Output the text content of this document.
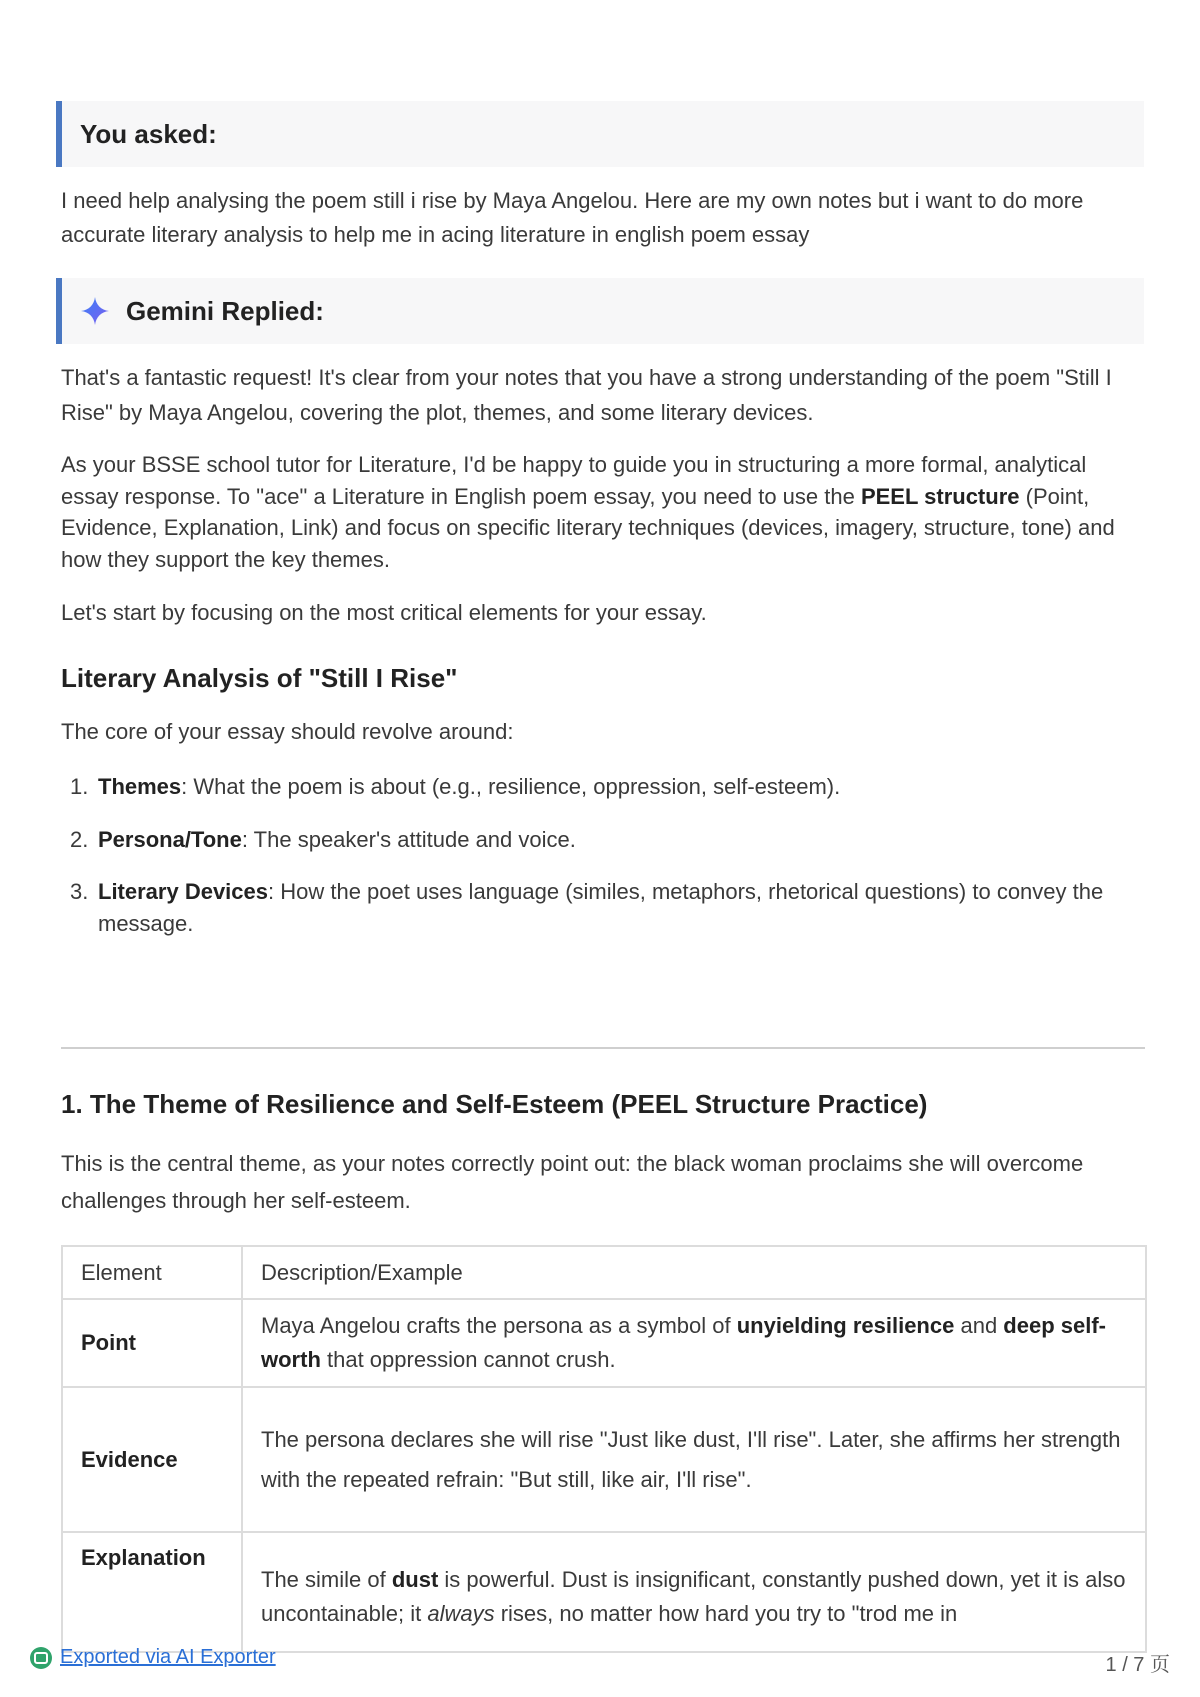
You asked:

I need help analysing the poem still i rise by Maya Angelou. Here are my own notes but i want to do more accurate literary analysis to help me in acing literature in english poem essay

Gemini Replied:

That's a fantastic request! It's clear from your notes that you have a strong understanding of the poem "Still I Rise" by Maya Angelou, covering the plot, themes, and some literary devices.

As your BSSE school tutor for Literature, I'd be happy to guide you in structuring a more formal, analytical essay response. To "ace" a Literature in English poem essay, you need to use the PEEL structure (Point, Evidence, Explanation, Link) and focus on specific literary techniques (devices, imagery, structure, tone) and how they support the key themes.

Let's start by focusing on the most critical elements for your essay.

Literary Analysis of "Still I Rise"

The core of your essay should revolve around:

1. Themes: What the poem is about (e.g., resilience, oppression, self-esteem).
2. Persona/Tone: The speaker's attitude and voice.
3. Literary Devices: How the poet uses language (similes, metaphors, rhetorical questions) to convey the message.
1. The Theme of Resilience and Self-Esteem (PEEL Structure Practice)

This is the central theme, as your notes correctly point out: the black woman proclaims she will overcome challenges through her self-esteem.

Element	Description/Example
Point	Maya Angelou crafts the persona as a symbol of unyielding resilience and deep self-worth that oppression cannot crush.
Evidence	The persona declares she will rise "Just like dust, I'll rise". Later, she affirms her strength with the repeated refrain: "But still, like air, I'll rise".
Explanation	The simile of dust is powerful. Dust is insignificant, constantly pushed down, yet it is also uncontainable; it always rises, no matter how hard you try to "trod me in
Exported via AI Exporter	1 / 7 页
